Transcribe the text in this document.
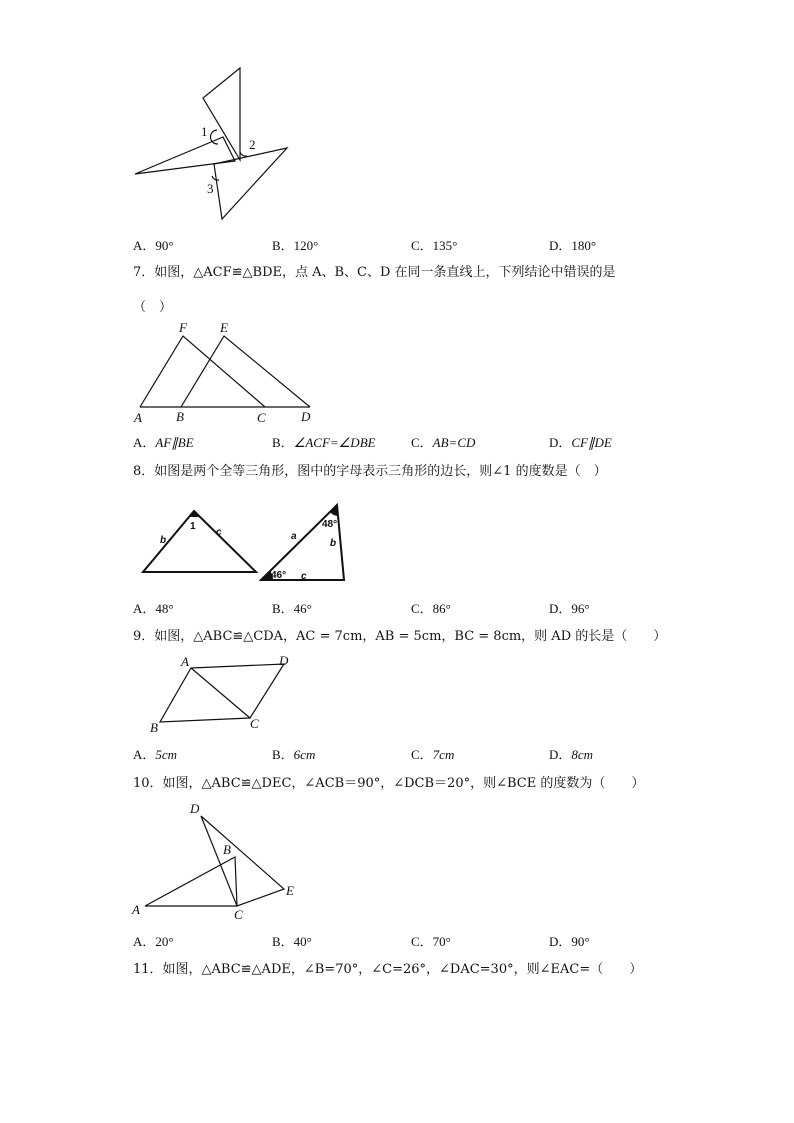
1
2
3
A．90°	B．120°	C．135°	D．180°
7．如图，△ACF≌△BDE，点 A、B、C、D 在同一条直线上，下列结论中错误的是
（　）
F	E
A	B	C	D
A．AF∥BE	B．∠ACF=∠DBE	C．AB=CD	D．CF∥DE
8．如图是两个全等三角形，图中的字母表示三角形的边长，则∠1 的度数是（　）
1
b
c	a
b
c
48°
46°
A．48°	B．46°	C．86°	D．96°
9．如图，△ABC≌△CDA，AC = 7cm，AB = 5cm，BC = 8cm，则 AD 的长是（　　）
A	D
B	C
A．5cm	B．6cm	C．7cm	D．8cm
10．如图，△ABC≌△DEC，∠ACB＝90°，∠DCB＝20°，则∠BCE 的度数为（　　）
D
B
E
A	C
A．20°	B．40°	C．70°	D．90°
11．如图，△ABC≌△ADE，∠B=70°，∠C=26°，∠DAC=30°，则∠EAC=（　　）
